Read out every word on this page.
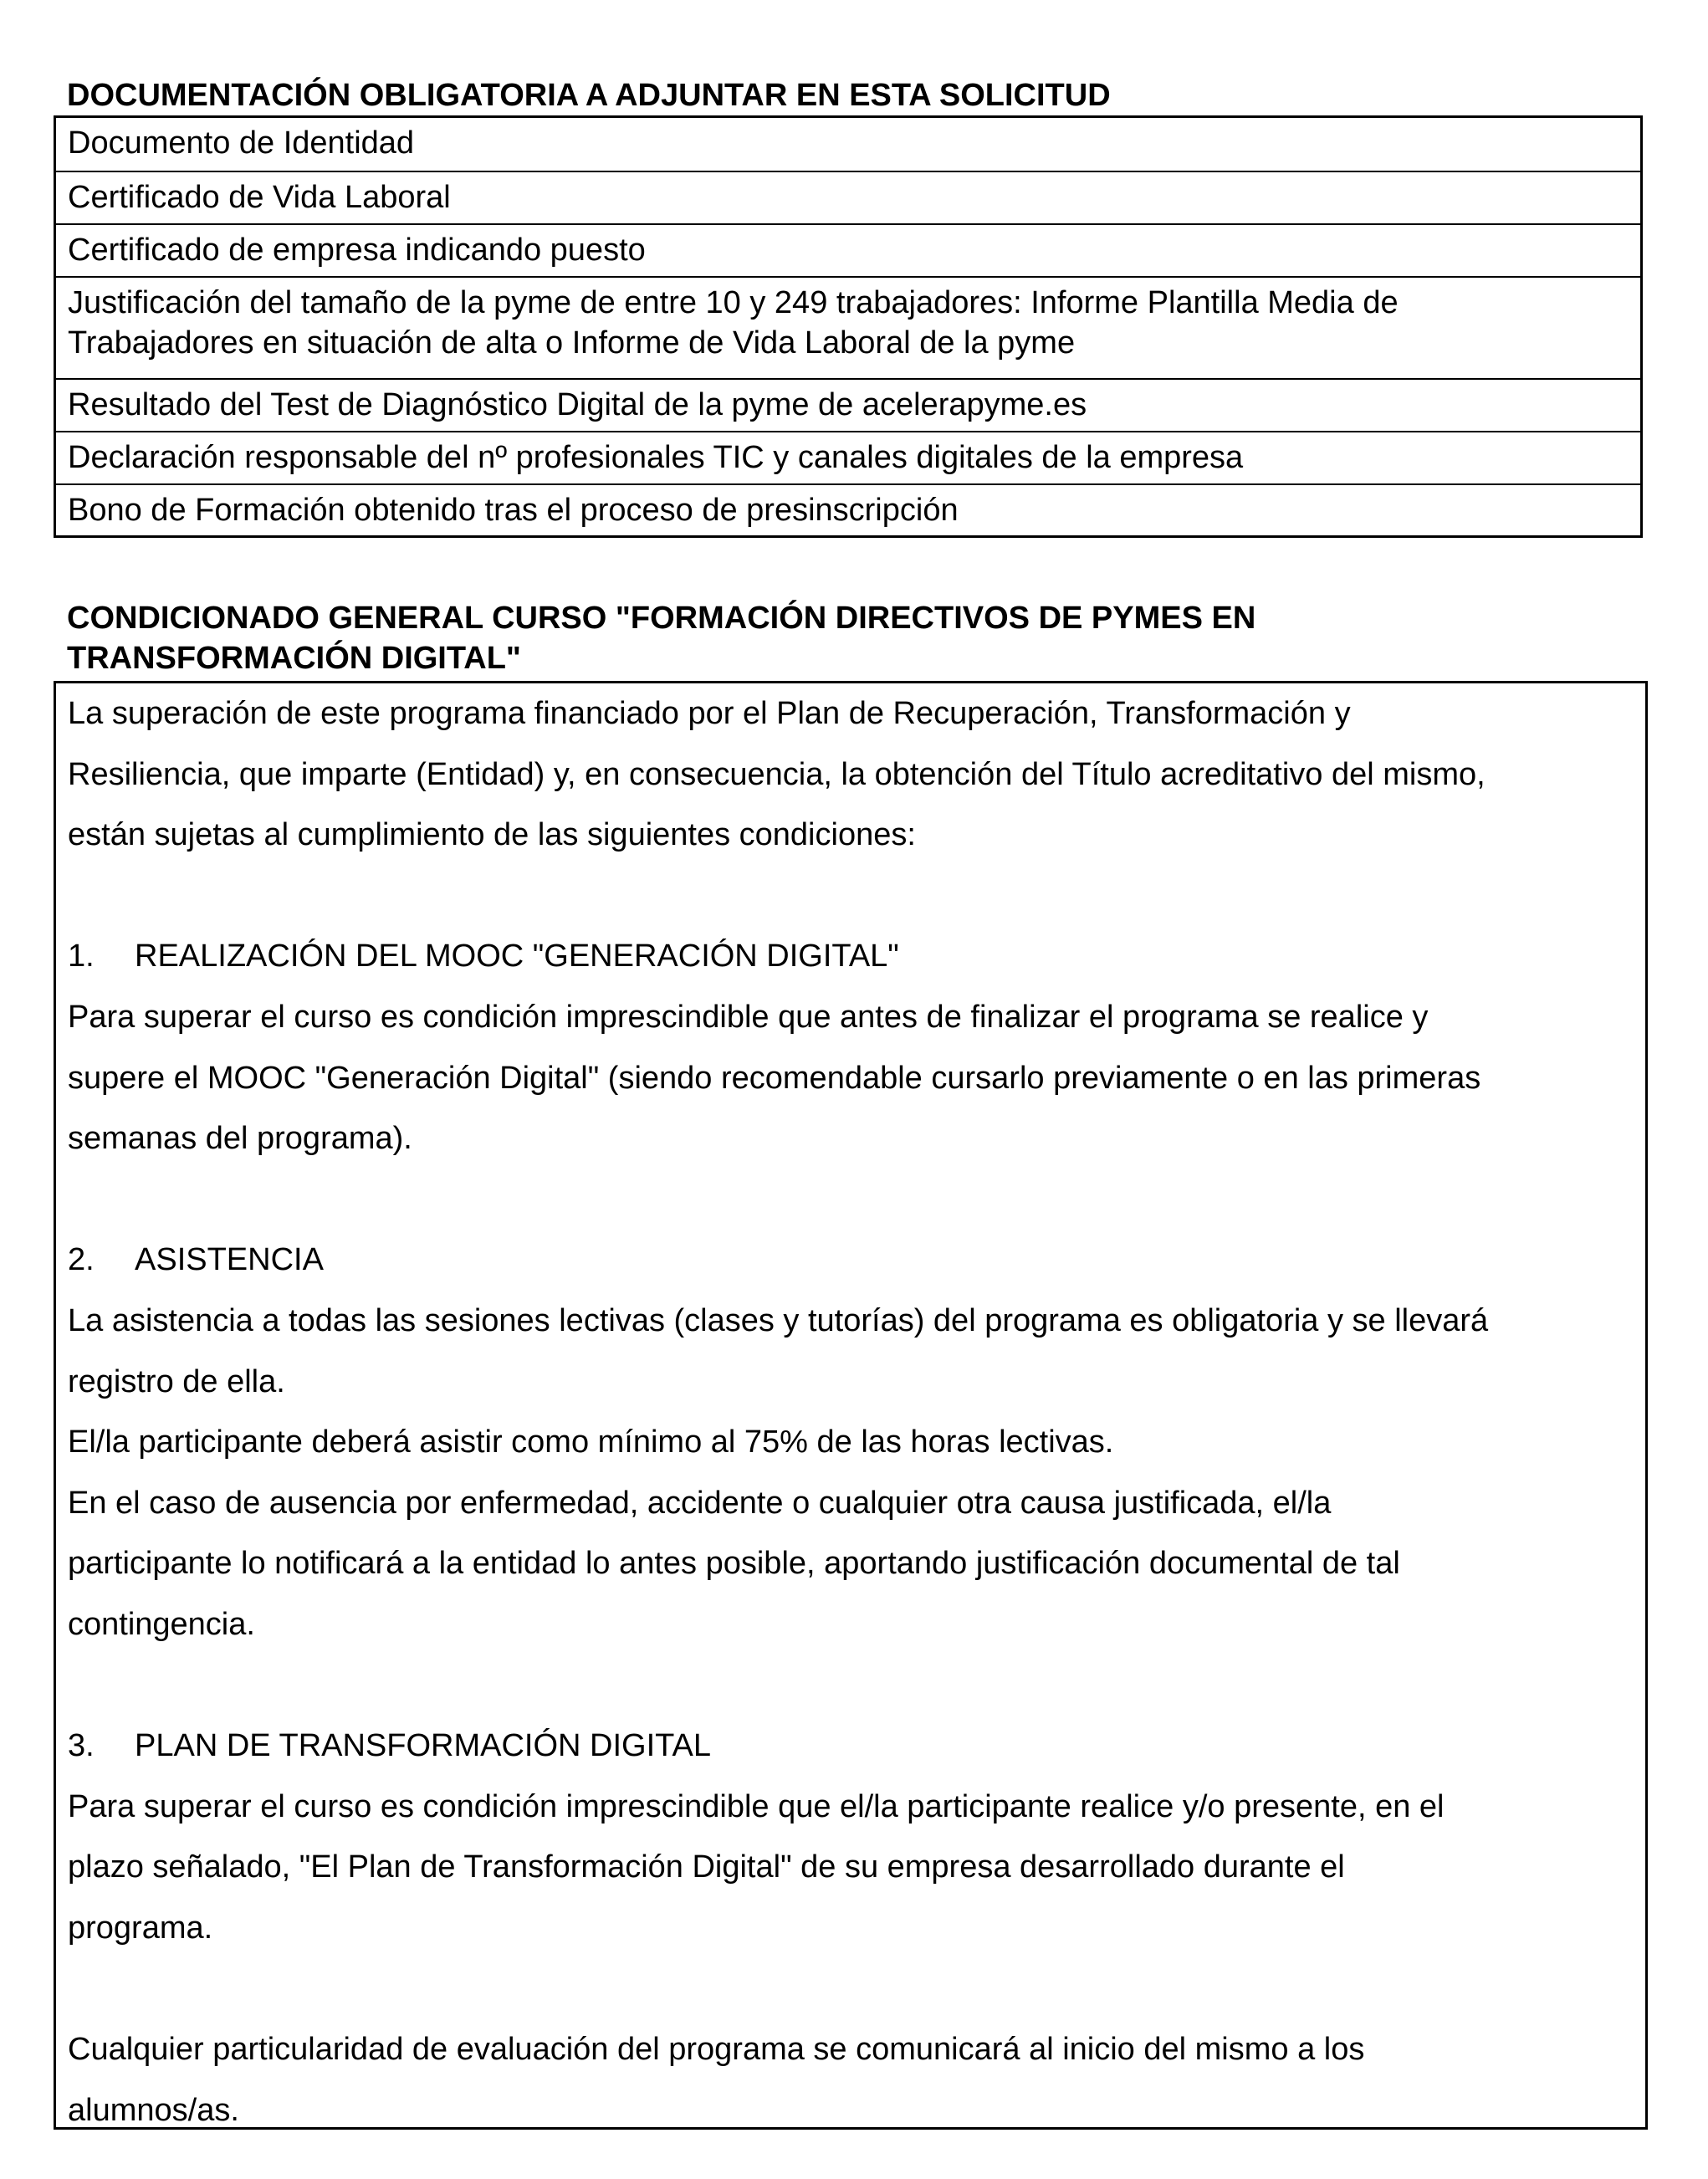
DOCUMENTACIÓN OBLIGATORIA A ADJUNTAR EN ESTA SOLICITUD
Documento de Identidad
Certificado de Vida Laboral
Certificado de empresa indicando puesto
Justificación del tamaño de la pyme de entre 10 y 249 trabajadores: Informe Plantilla Media de
Trabajadores en situación de alta o Informe de Vida Laboral de la pyme
Resultado del Test de Diagnóstico Digital de la pyme de acelerapyme.es
Declaración responsable del nº profesionales TIC y canales digitales de la empresa
Bono de Formación obtenido tras el proceso de presinscripción
CONDICIONADO GENERAL CURSO "FORMACIÓN DIRECTIVOS DE PYMES EN
TRANSFORMACIÓN DIGITAL"
La superación de este programa financiado por el Plan de Recuperación, Transformación y
Resiliencia, que imparte (Entidad) y, en consecuencia, la obtención del Título acreditativo del mismo,
están sujetas al cumplimiento de las siguientes condiciones:
1. REALIZACIÓN DEL MOOC "GENERACIÓN DIGITAL"
Para superar el curso es condición imprescindible que antes de finalizar el programa se realice y
supere el MOOC "Generación Digital" (siendo recomendable cursarlo previamente o en las primeras
semanas del programa).
2. ASISTENCIA
La asistencia a todas las sesiones lectivas (clases y tutorías) del programa es obligatoria y se llevará
registro de ella.
El/la participante deberá asistir como mínimo al 75% de las horas lectivas.
En el caso de ausencia por enfermedad, accidente o cualquier otra causa justificada, el/la
participante lo notificará a la entidad lo antes posible, aportando justificación documental de tal
contingencia.
3. PLAN DE TRANSFORMACIÓN DIGITAL
Para superar el curso es condición imprescindible que el/la participante realice y/o presente, en el
plazo señalado, "El Plan de Transformación Digital" de su empresa desarrollado durante el
programa.
Cualquier particularidad de evaluación del programa se comunicará al inicio del mismo a los
alumnos/as.
